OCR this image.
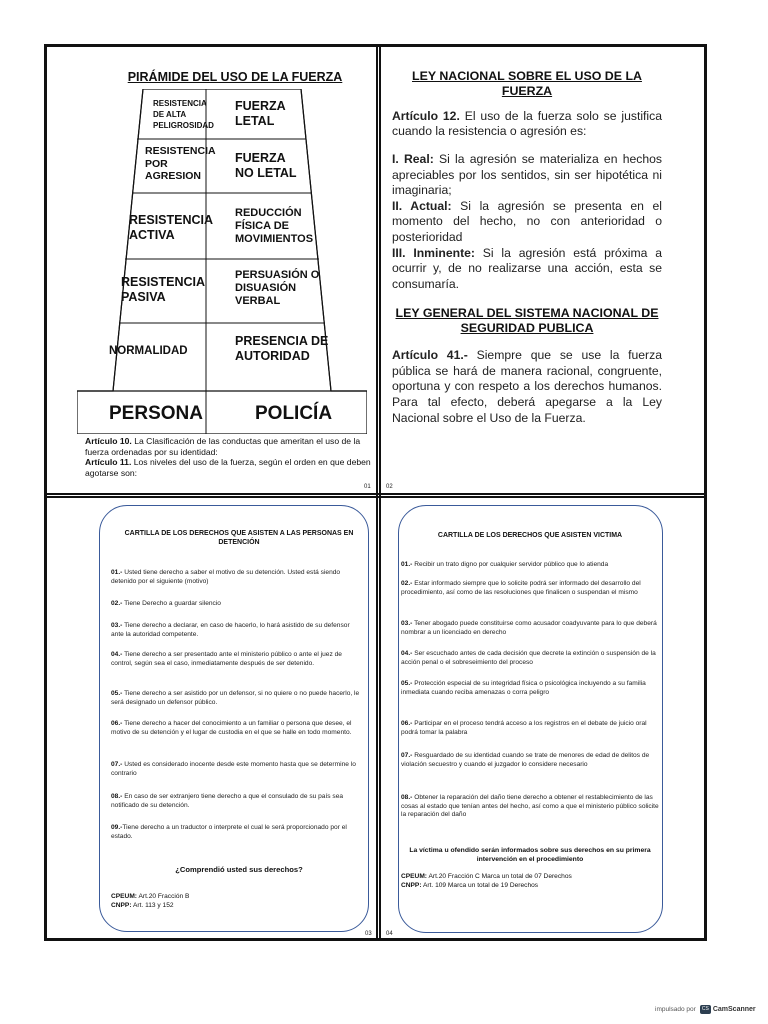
PIRÁMIDE DEL USO DE LA FUERZA
RESISTENCIA
DE ALTA
PELIGROSIDAD
FUERZA
LETAL
RESISTENCIA
POR
AGRESION
FUERZA
NO LETAL
RESISTENCIA
ACTIVA
REDUCCIÓN
FÍSICA DE
MOVIMIENTOS
RESISTENCIA
PASIVA
PERSUASIÓN O
DISUASIÓN
VERBAL
NORMALIDAD
PRESENCIA DE
AUTORIDAD
PERSONA	POLICÍA
Artículo 10. La Clasificación de las conductas que ameritan el uso de la fuerza ordenadas por su identidad:
Artículo 11. Los niveles del uso de la fuerza, según el orden en que deben agotarse son:
01
LEY NACIONAL SOBRE EL USO DE LA FUERZA
Artículo 12. El uso de la fuerza solo se justifica cuando la resistencia o agresión es:
I. Real: Si la agresión se materializa en hechos apreciables por los sentidos, sin ser hipotética ni imaginaria;
II. Actual: Si la agresión se presenta en el momento del hecho, no con anterioridad o posterioridad
III. Inminente: Si la agresión está próxima a ocurrir y, de no realizarse una acción, esta se consumaría.
LEY GENERAL DEL SISTEMA NACIONAL DE SEGURIDAD PUBLICA
Artículo 41.- Siempre que se use la fuerza pública se hará de manera racional, congruente, oportuna y con respeto a los derechos humanos. Para tal efecto, deberá apegarse a la Ley Nacional sobre el Uso de la Fuerza.
02
CARTILLA DE LOS DERECHOS QUE ASISTEN A LAS PERSONAS EN DETENCIÓN
01.- Usted tiene derecho a saber el motivo de su detención. Usted está siendo detenido por el siguiente (motivo)
02.- Tiene Derecho a guardar silencio
03.- Tiene derecho a declarar, en caso de hacerlo, lo hará asistido de su defensor ante la autoridad competente.
04.- Tiene derecho a ser presentado ante el ministerio público o ante el juez de control, según sea el caso, inmediatamente después de ser detenido.
05.- Tiene derecho a ser asistido por un defensor, si no quiere o no puede hacerlo, le será designado un defensor público.
06.- Tiene derecho a hacer del conocimiento a un familiar o persona que desee, el motivo de su detención y el lugar de custodia en el que se halle en todo momento.
07.- Usted es considerado inocente desde este momento hasta que se determine lo contrario
08.- En caso de ser extranjero tiene derecho a que el consulado de su país sea notificado de su detención.
09.-Tiene derecho a un traductor o interprete el cual le será proporcionado por el estado.
¿Comprendió usted sus derechos?
CPEUM: Art.20 Fracción B
CNPP: Art. 113 y 152
03
CARTILLA DE LOS DERECHOS QUE ASISTEN VICTIMA
01.- Recibir un trato digno por cualquier servidor público que lo atienda
02.- Estar informado siempre que lo solicite podrá ser informado del desarrollo del procedimiento, así como de las resoluciones que finalicen o suspendan el mismo
03.- Tener abogado puede constituirse como acusador coadyuvante para lo que deberá nombrar a un licenciado en derecho
04.- Ser escuchado antes de cada decisión que decrete la extinción o suspensión de la acción penal o el sobreseimiento del proceso
05.- Protección especial de su integridad física o psicológica incluyendo a su familia inmediata cuando reciba amenazas o corra peligro
06.- Participar en el proceso tendrá acceso a los registros en el debate de juicio oral podrá tomar la palabra
07.- Resguardado de su identidad cuando se trate de menores de edad de delitos de violación secuestro y cuando el juzgador lo considere necesario
08.- Obtener la reparación del daño tiene derecho a obtener el restablecimiento de las cosas al estado que tenían antes del hecho, así como a que el ministerio público solicite la reparación del daño
La víctima u ofendido serán informados sobre sus derechos en su primera intervención en el procedimiento
CPEUM: Art.20 Fracción C Marca un total de 07 Derechos
CNPP: Art. 109 Marca un total de 19 Derechos
04
impulsado por CS CamScanner
